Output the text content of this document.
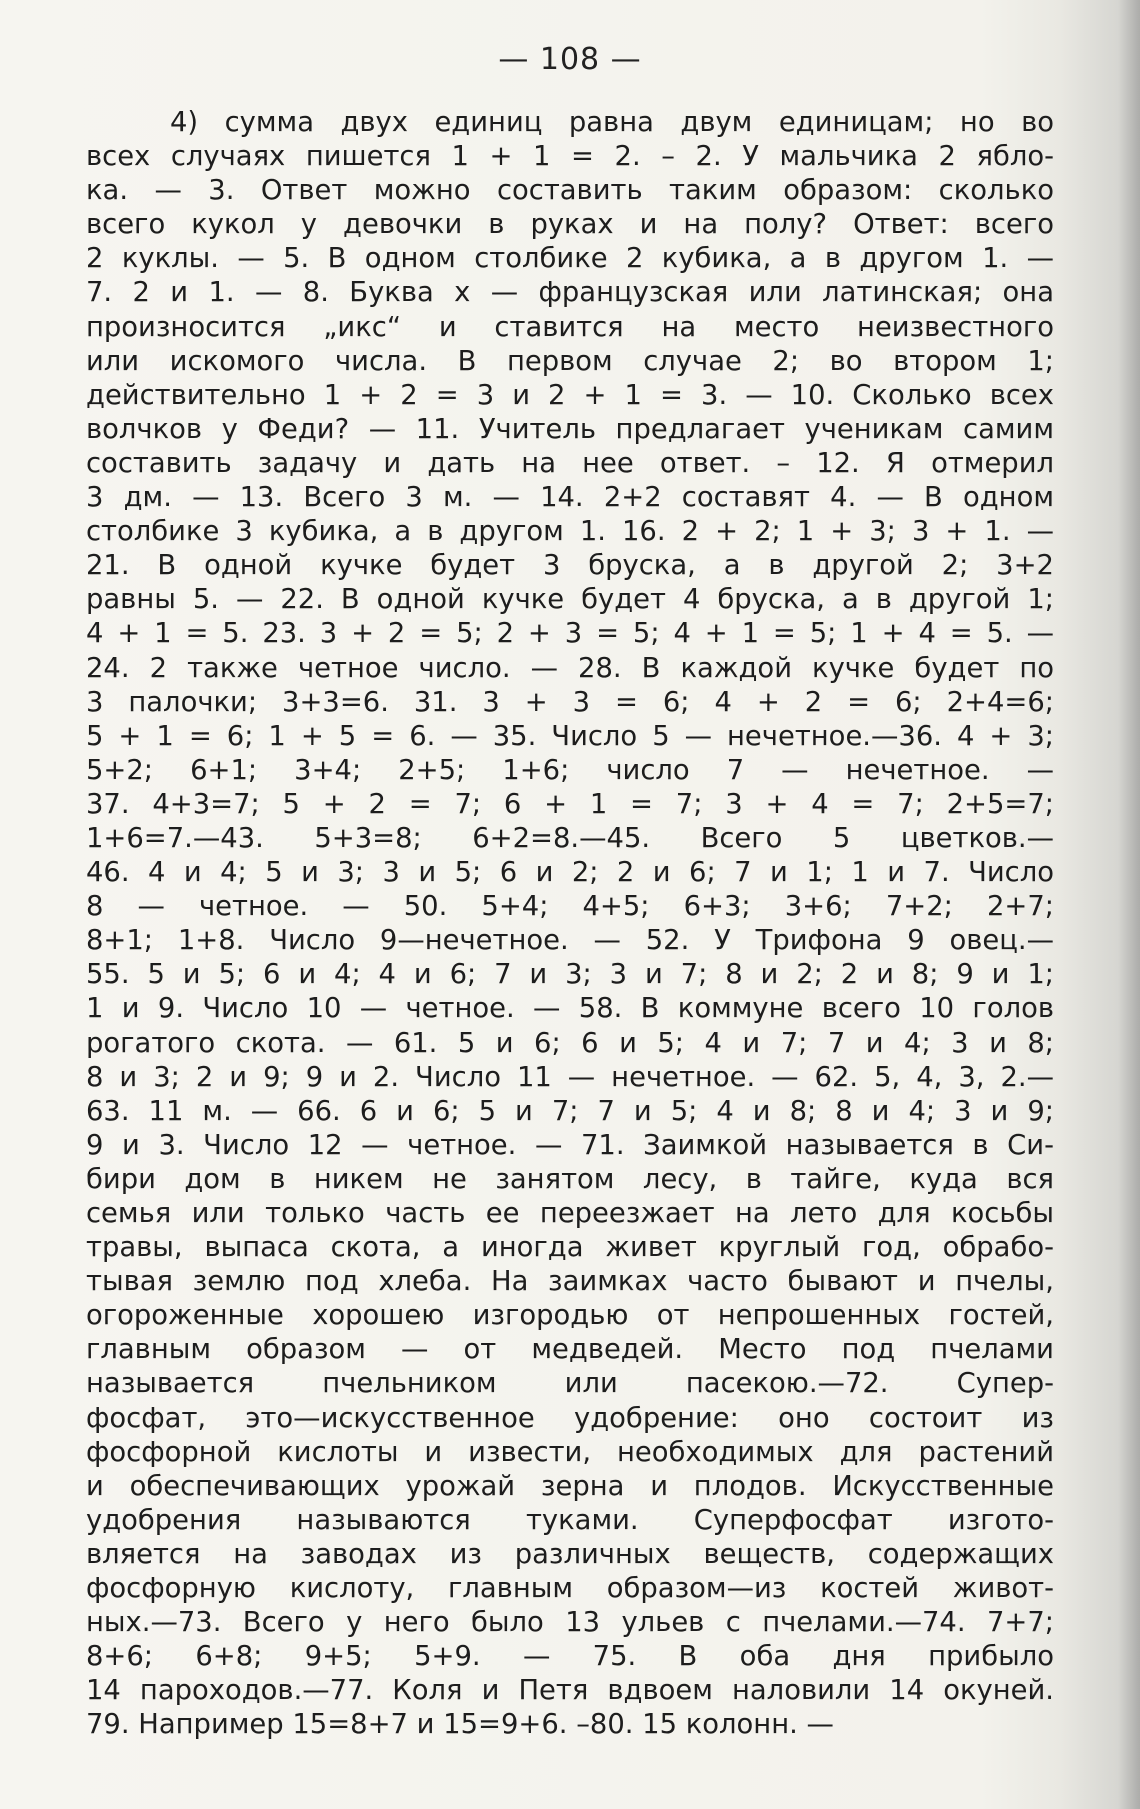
— 108 —
4) сумма двух единиц равна двум единицам; но во
всех случаях пишется 1 + 1 = 2. – 2. У мальчика 2 ябло-
ка. — 3. Ответ можно составить таким образом: сколько
всего кукол у девочки в руках и на полу? Ответ: всего
2 куклы. — 5. В одном столбике 2 кубика, а в другом 1. —
7. 2 и 1. — 8. Буква x — французская или латинская; она
произносится „икс“ и ставится на место неизвестного
или искомого числа. В первом случае 2; во втором 1;
действительно 1 + 2 = 3 и 2 + 1 = 3. — 10. Сколько всех
волчков у Феди? — 11. Учитель предлагает ученикам самим
составить задачу и дать на нее ответ. – 12. Я отмерил
3 дм. — 13. Всего 3 м. — 14. 2+2 составят 4. — В одном
столбике 3 кубика, а в другом 1. 16. 2 + 2; 1 + 3; 3 + 1. —
21. В одной кучке будет 3 бруска, а в другой 2; 3+2
равны 5. — 22. В одной кучке будет 4 бруска, а в другой 1;
4 + 1 = 5. 23. 3 + 2 = 5; 2 + 3 = 5; 4 + 1 = 5; 1 + 4 = 5. —
24. 2 также четное число. — 28. В каждой кучке будет по
3 палочки; 3+3=6. 31. 3 + 3 = 6; 4 + 2 = 6; 2+4=6;
5 + 1 = 6; 1 + 5 = 6. — 35. Число 5 — нечетное.—36. 4 + 3;
5+2; 6+1; 3+4; 2+5; 1+6; число 7 — нечетное. —
37. 4+3=7; 5 + 2 = 7; 6 + 1 = 7; 3 + 4 = 7; 2+5=7;
1+6=7.—43. 5+3=8; 6+2=8.—45. Всего 5 цветков.—
46. 4 и 4; 5 и 3; 3 и 5; 6 и 2; 2 и 6; 7 и 1; 1 и 7. Число
8 — четное. — 50. 5+4; 4+5; 6+3; 3+6; 7+2; 2+7;
8+1; 1+8. Число 9—нечетное. — 52. У Трифона 9 овец.—
55. 5 и 5; 6 и 4; 4 и 6; 7 и 3; 3 и 7; 8 и 2; 2 и 8; 9 и 1;
1 и 9. Число 10 — четное. — 58. В коммуне всего 10 голов
рогатого скота. — 61. 5 и 6; 6 и 5; 4 и 7; 7 и 4; 3 и 8;
8 и 3; 2 и 9; 9 и 2. Число 11 — нечетное. — 62. 5, 4, 3, 2.—
63. 11 м. — 66. 6 и 6; 5 и 7; 7 и 5; 4 и 8; 8 и 4; 3 и 9;
9 и 3. Число 12 — четное. — 71. Заимкой называется в Си-
бири дом в никем не занятом лесу, в тайге, куда вся
семья или только часть ее переезжает на лето для косьбы
травы, выпаса скота, а иногда живет круглый год, обрабо-
тывая землю под хлеба. На заимках часто бывают и пчелы,
огороженные хорошею изгородью от непрошенных гостей,
главным образом — от медведей. Место под пчелами
называется пчельником или пасекою.—72. Супер-
фосфат, это—искусственное удобрение: оно состоит из
фосфорной кислоты и извести, необходимых для растений
и обеспечивающих урожай зерна и плодов. Искусственные
удобрения называются туками. Суперфосфат изгото-
вляется на заводах из различных веществ, содержащих
фосфорную кислоту, главным образом—из костей живот-
ных.—73. Всего у него было 13 ульев с пчелами.—74. 7+7;
8+6; 6+8; 9+5; 5+9. — 75. В оба дня прибыло
14 пароходов.—77. Коля и Петя вдвоем наловили 14 окуней.
79. Например 15=8+7 и 15=9+6. –80. 15 колонн. —
